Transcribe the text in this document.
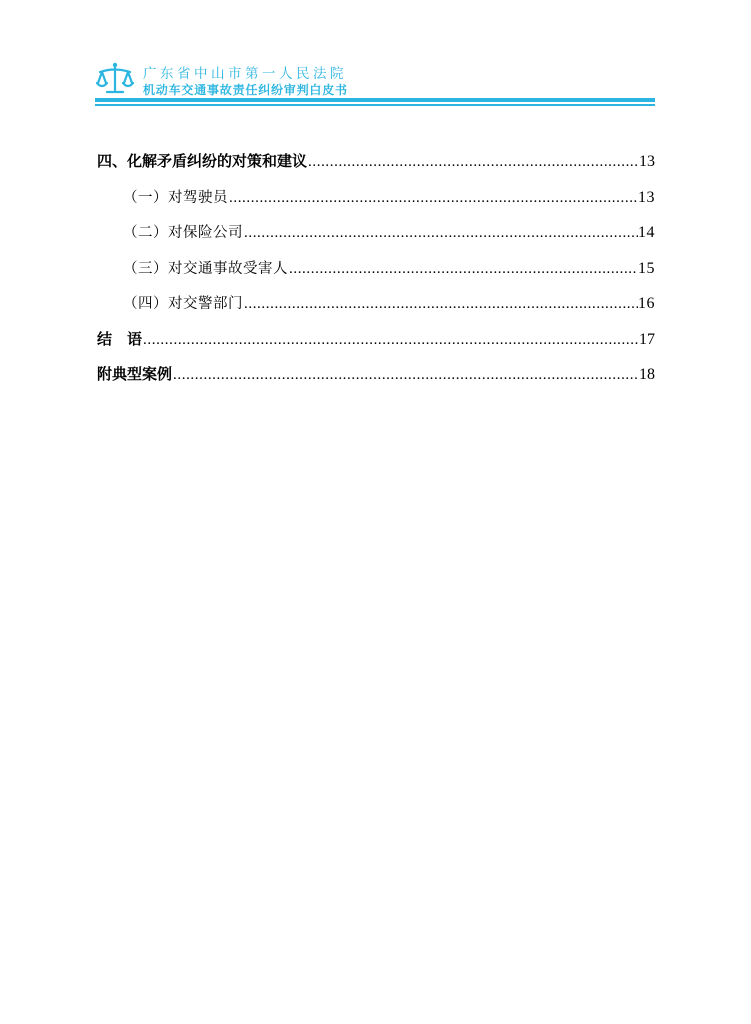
广东省中山市第一人民法院
机动车交通事故责任纠纷审判白皮书
四、化解矛盾纠纷的对策和建议 .....	13
（一）对驾驶员 .....	13
（二）对保险公司 .....	14
（三）对交通事故受害人 .....	15
（四）对交警部门 .....	16
结　语 .....	17
附典型案例 .....	18
